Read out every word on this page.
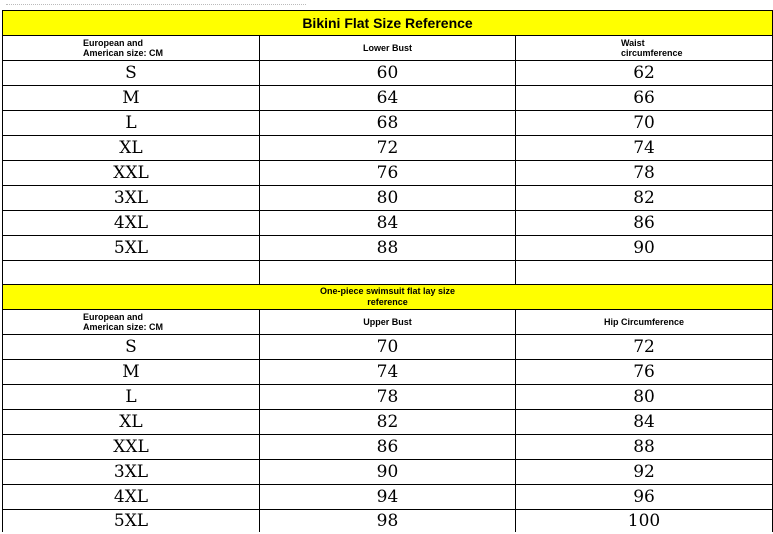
Bikini Flat Size Reference		
European and
American size: CM	Lower Bust	Waist
circumference
S	60	62
M	64	66
L	68	70
XL	72	74
XXL	76	78
3XL	80	82
4XL	84	86
5XL	88	90

One-piece swimsuit flat lay size
reference		
European and
American size: CM	Upper Bust	Hip Circumference
S	70	72
M	74	76
L	78	80
XL	82	84
XXL	86	88
3XL	90	92
4XL	94	96
5XL	98	100
